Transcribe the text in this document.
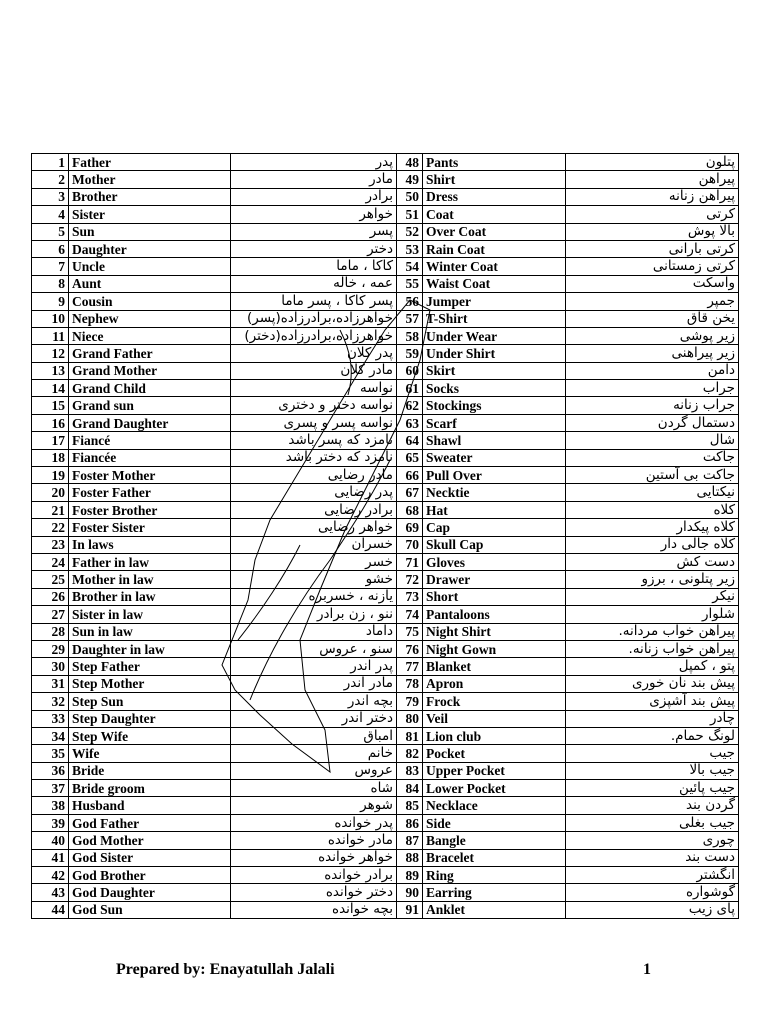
1	Father	پدر	48	Pants	پتلون
2	Mother	مادر	49	Shirt	پیراهن
3	Brother	برادر	50	Dress	پیراهن زنانه
4	Sister	خواهر	51	Coat	کرتی
5	Sun	پسر	52	Over Coat	بالا پوش
6	Daughter	دختر	53	Rain Coat	کرتی بارانی
7	Uncle	کاکا ، ماما	54	Winter Coat	کرتی زمستانی
8	Aunt	عمه ، خاله	55	Waist Coat	واسکت
9	Cousin	پسر کاکا ، پسر ماما	56	Jumper	جمپر
10	Nephew	خواهرزاده،برادرزاده(پسر)	57	T-Shirt	یخن قاق
11	Niece	خواهرزاده،برادرزاده(دختر)	58	Under Wear	زیر پوشی
12	Grand Father	پدر کلان	59	Under Shirt	زیر پیراهنی
13	Grand Mother	مادر کلان	60	Skirt	دامن
14	Grand Child	نواسه	61	Socks	جراب
15	Grand sun	نواسه دختر و دختری	62	Stockings	جراب زنانه
16	Grand Daughter	نواسه پسر و پسری	63	Scarf	دستمال گردن
17	Fiancé	نامزد که پسر باشد	64	Shawl	شال
18	Fiancée	نامزد که دختر باشد	65	Sweater	جاکت
19	Foster Mother	مادر رضایی	66	Pull Over	جاکت بی آستین
20	Foster Father	پدر رضایی	67	Necktie	نیکتایی
21	Foster Brother	برادر رضایی	68	Hat	کلاه
22	Foster Sister	خواهر رضایی	69	Cap	کلاه پیکدار
23	In laws	خسران	70	Skull Cap	کلاه جالی دار
24	Father in law	خسر	71	Gloves	دست کش
25	Mother in law	خشو	72	Drawer	زیر پتلونی ، برزو
26	Brother in law	یازنه ، خسربره	73	Short	نیکر
27	Sister in law	ننو ، زن برادر	74	Pantaloons	شلوار
28	Sun in law	داماد	75	Night Shirt	پیراهن خواب مردانه.
29	Daughter in law	سنو ، عروس	76	Night Gown	پیراهن خواب زنانه.
30	Step Father	پدر اندر	77	Blanket	پتو ، کمپل
31	Step Mother	مادر اندر	78	Apron	پیش بند نان خوری
32	Step Sun	بچه اندر	79	Frock	پیش بند آشپزی
33	Step Daughter	دختر اندر	80	Veil	چادر
34	Step Wife	امباق	81	Lion club	لونگ حمام.
35	Wife	خانم	82	Pocket	جیب
36	Bride	عروس	83	Upper Pocket	جیب بالا
37	Bride groom	شاه	84	Lower Pocket	جیب پائین
38	Husband	شوهر	85	Necklace	گردن بند
39	God Father	پدر خوانده	86	Side	جیب بغلی
40	God Mother	مادر خوانده	87	Bangle	چوری
41	God Sister	خواهر خوانده	88	Bracelet	دست بند
42	God Brother	برادر خوانده	89	Ring	انگشتر
43	God Daughter	دختر خوانده	90	Earring	گوشواره
44	God Sun	بچه خوانده	91	Anklet	پای زیب
Prepared by: Enayatullah Jalali	1
